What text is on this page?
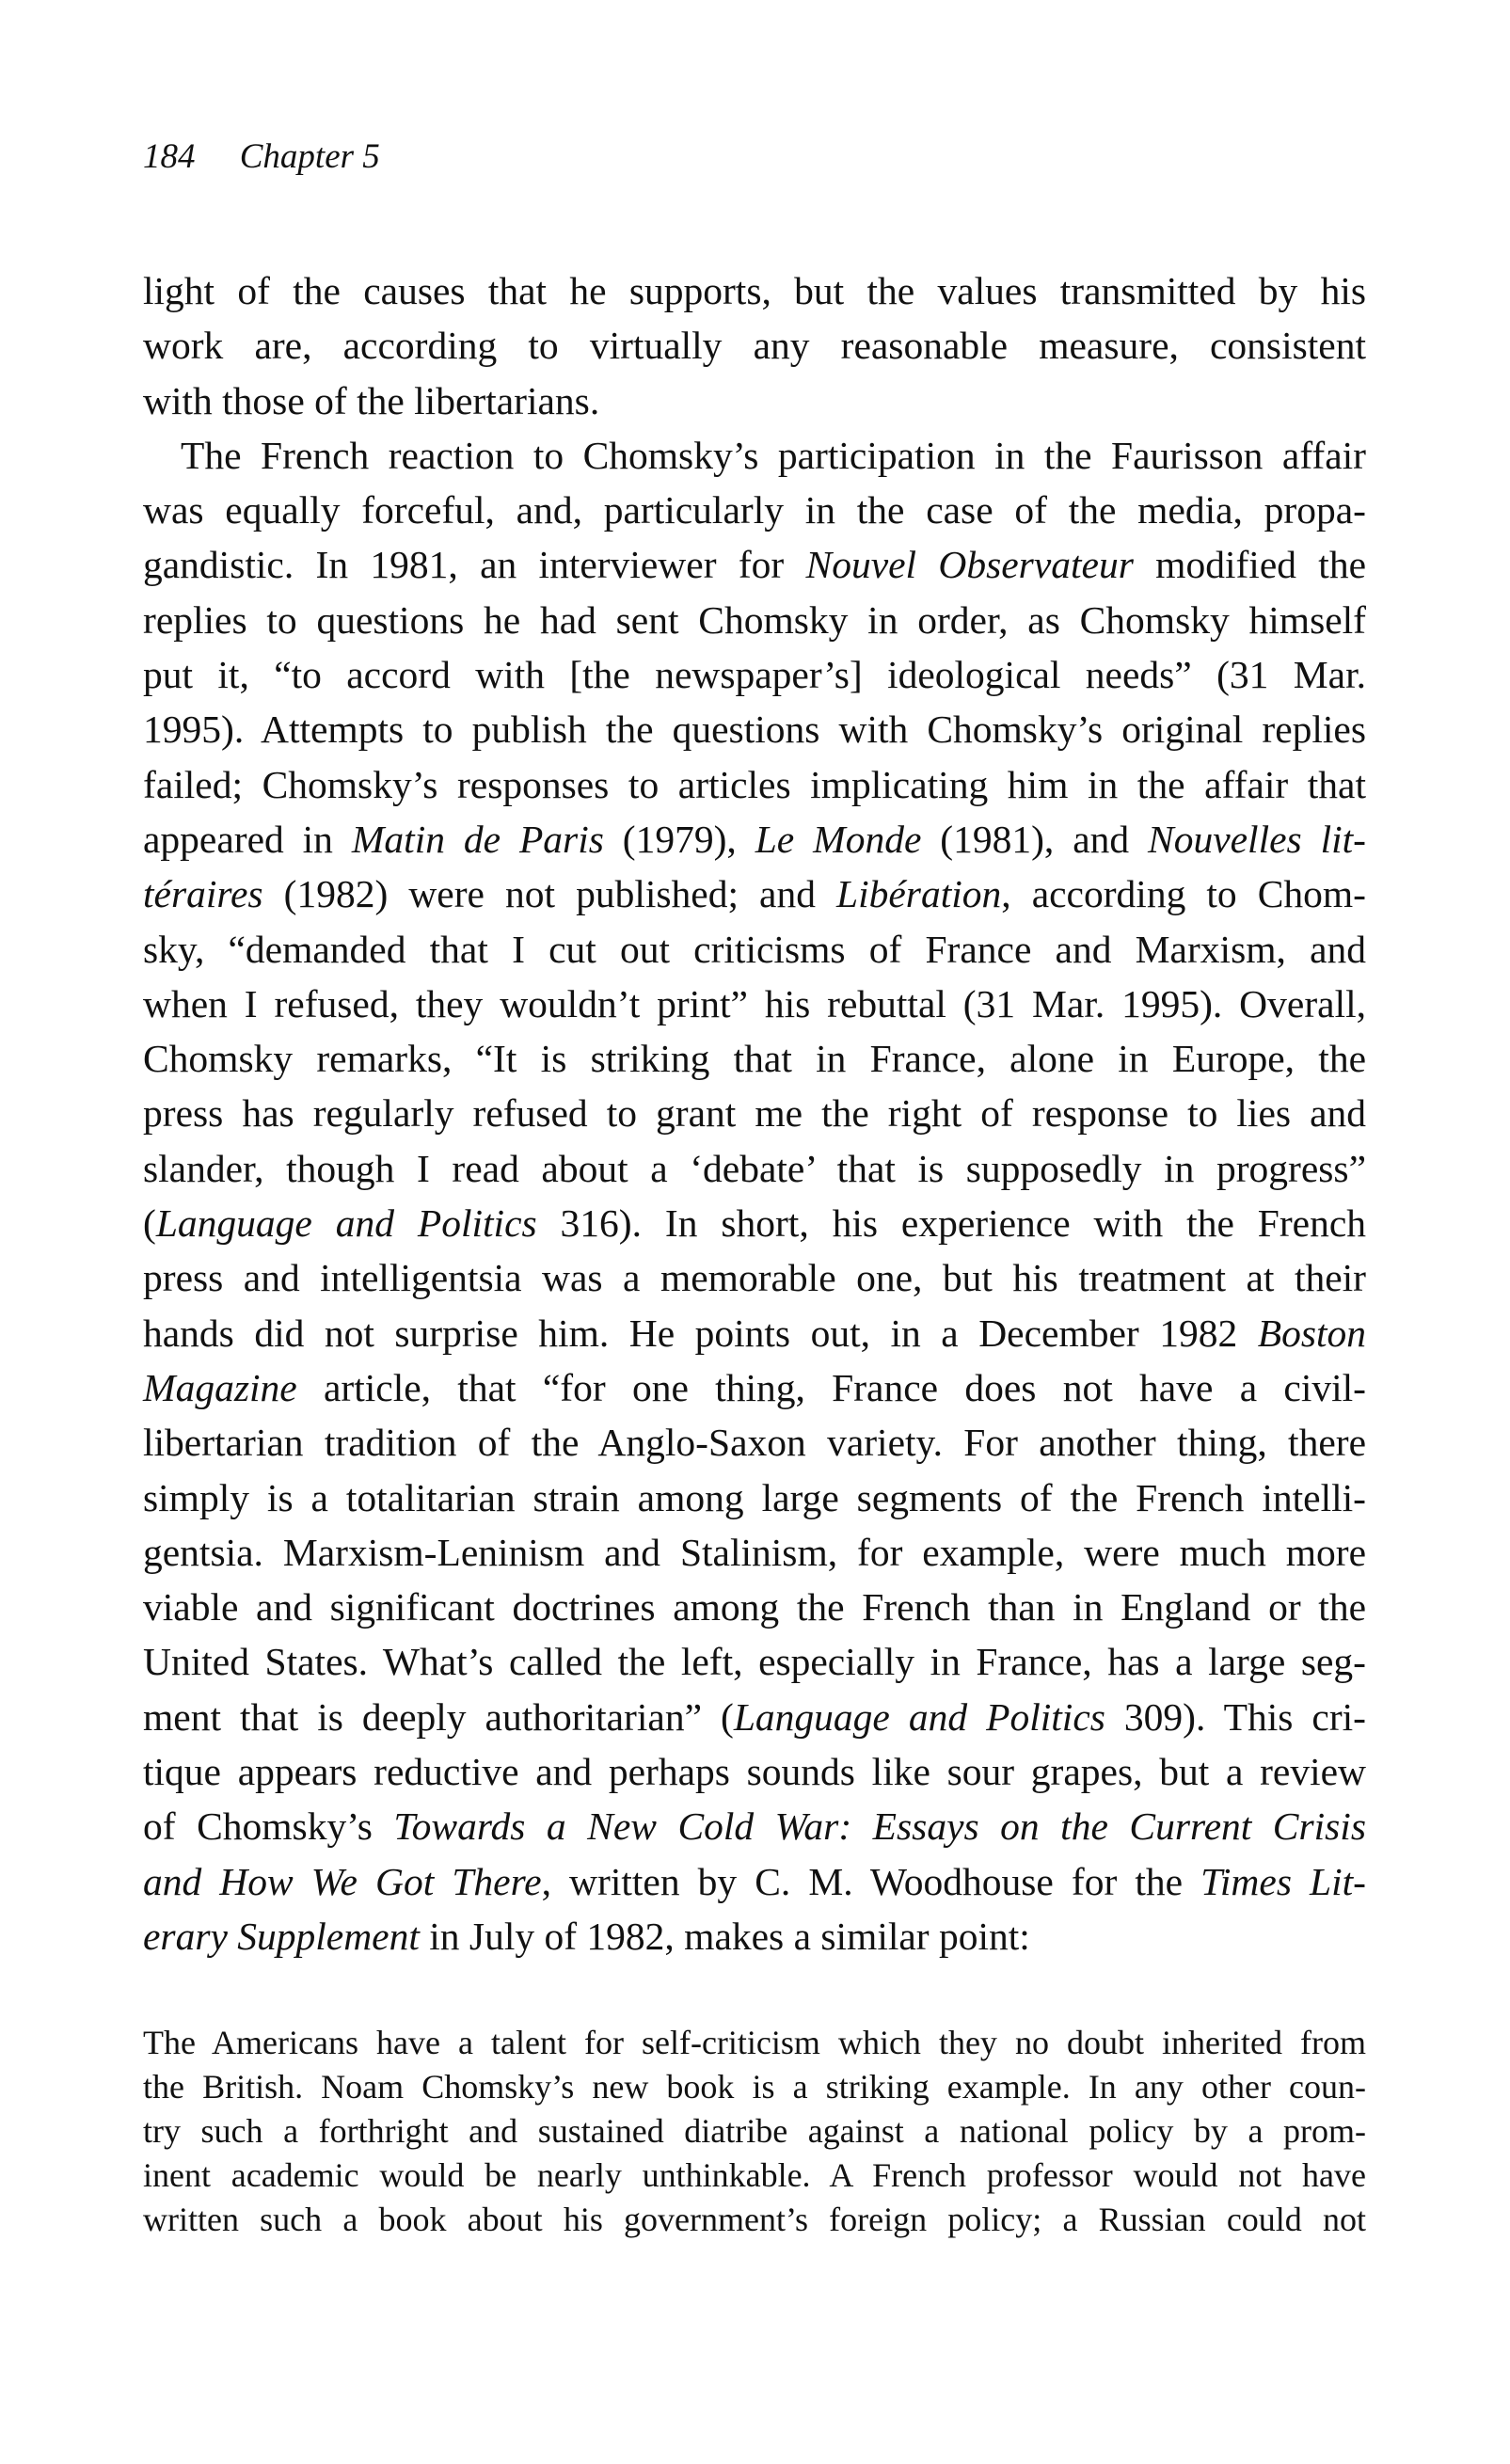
184 Chapter 5
light of the causes that he supports, but the values transmitted by his
work are, according to virtually any reasonable measure, consistent
with those of the libertarians.
The French reaction to Chomsky’s participation in the Faurisson affair
was equally forceful, and, particularly in the case of the media, propa-
gandistic. In 1981, an interviewer for Nouvel Observateur modified the
replies to questions he had sent Chomsky in order, as Chomsky himself
put it, “to accord with [the newspaper’s] ideological needs” (31 Mar.
1995). Attempts to publish the questions with Chomsky’s original replies
failed; Chomsky’s responses to articles implicating him in the affair that
appeared in Matin de Paris (1979), Le Monde (1981), and Nouvelles lit-
téraires (1982) were not published; and Libération, according to Chom-
sky, “demanded that I cut out criticisms of France and Marxism, and
when I refused, they wouldn’t print” his rebuttal (31 Mar. 1995). Overall,
Chomsky remarks, “It is striking that in France, alone in Europe, the
press has regularly refused to grant me the right of response to lies and
slander, though I read about a ‘debate’ that is supposedly in progress”
(Language and Politics 316). In short, his experience with the French
press and intelligentsia was a memorable one, but his treatment at their
hands did not surprise him. He points out, in a December 1982 Boston
Magazine article, that “for one thing, France does not have a civil-
libertarian tradition of the Anglo-Saxon variety. For another thing, there
simply is a totalitarian strain among large segments of the French intelli-
gentsia. Marxism-Leninism and Stalinism, for example, were much more
viable and significant doctrines among the French than in England or the
United States. What’s called the left, especially in France, has a large seg-
ment that is deeply authoritarian” (Language and Politics 309). This cri-
tique appears reductive and perhaps sounds like sour grapes, but a review
of Chomsky’s Towards a New Cold War: Essays on the Current Crisis
and How We Got There, written by C. M. Woodhouse for the Times Lit-
erary Supplement in July of 1982, makes a similar point:
The Americans have a talent for self-criticism which they no doubt inherited from
the British. Noam Chomsky’s new book is a striking example. In any other coun-
try such a forthright and sustained diatribe against a national policy by a prom-
inent academic would be nearly unthinkable. A French professor would not have
written such a book about his government’s foreign policy; a Russian could not
